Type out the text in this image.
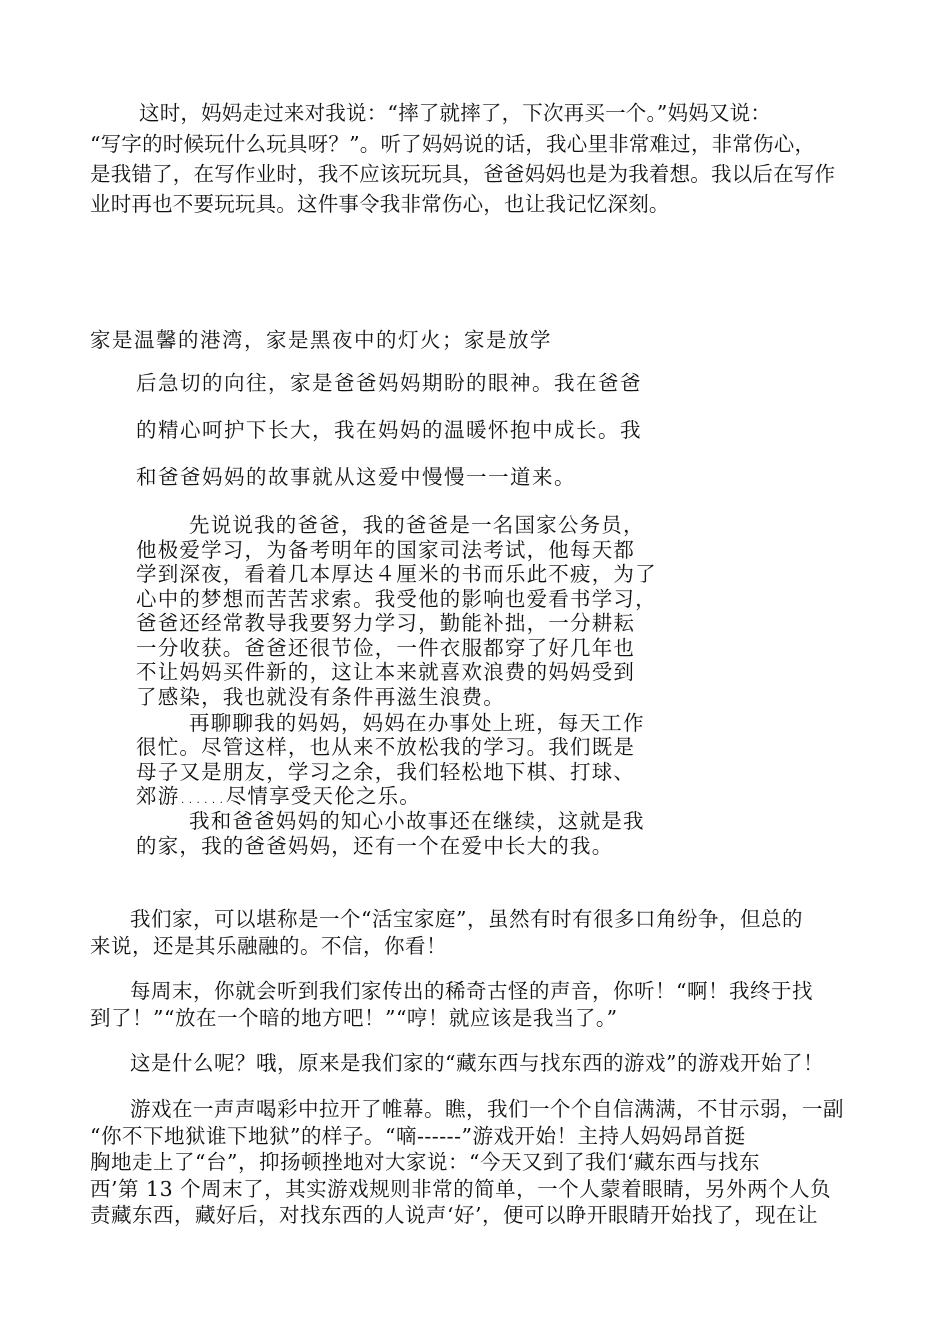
这时，妈妈走过来对我说：“摔了就摔了，下次再买一个。”妈妈又说：

“写字的时候玩什么玩具呀？”。听了妈妈说的话，我心里非常难过，非常伤心，

是我错了，在写作业时，我不应该玩玩具，爸爸妈妈也是为我着想。我以后在写作

业时再也不要玩玩具。这件事令我非常伤心，也让我记忆深刻。

家是温馨的港湾，家是黑夜中的灯火；家是放学

后急切的向往，家是爸爸妈妈期盼的眼神。我在爸爸

的精心呵护下长大，我在妈妈的温暖怀抱中成长。我

和爸爸妈妈的故事就从这爱中慢慢一一道来。

先说说我的爸爸，我的爸爸是一名国家公务员，

他极爱学习，为备考明年的国家司法考试，他每天都

学到深夜，看着几本厚达４厘米的书而乐此不疲，为了

心中的梦想而苦苦求索。我受他的影响也爱看书学习，

爸爸还经常教导我要努力学习，勤能补拙，一分耕耘

一分收获。爸爸还很节俭，一件衣服都穿了好几年也

不让妈妈买件新的，这让本来就喜欢浪费的妈妈受到

了感染，我也就没有条件再滋生浪费。

再聊聊我的妈妈，妈妈在办事处上班，每天工作

很忙。尽管这样，也从来不放松我的学习。我们既是

母子又是朋友，学习之余，我们轻松地下棋、打球、

郊游......尽情享受天伦之乐。

我和爸爸妈妈的知心小故事还在继续，这就是我

的家，我的爸爸妈妈，还有一个在爱中长大的我。

我们家，可以堪称是一个“活宝家庭”，虽然有时有很多口角纷争，但总的

来说，还是其乐融融的。不信，你看！

每周末，你就会听到我们家传出的稀奇古怪的声音，你听！“啊！我终于找

到了！”“放在一个暗的地方吧！”“哼！就应该是我当了。”

这是什么呢？哦，原来是我们家的“藏东西与找东西的游戏”的游戏开始了！

游戏在一声声喝彩中拉开了帷幕。瞧，我们一个个自信满满，不甘示弱，一副

“你不下地狱谁下地狱”的样子。“嘀------”游戏开始！主持人妈妈昂首挺

胸地走上了“台”，抑扬顿挫地对大家说：“今天又到了我们‘藏东西与找东

西’第 13 个周末了，其实游戏规则非常的简单，一个人蒙着眼睛，另外两个人负

责藏东西，藏好后，对找东西的人说声‘好’，便可以睁开眼睛开始找了，现在让
